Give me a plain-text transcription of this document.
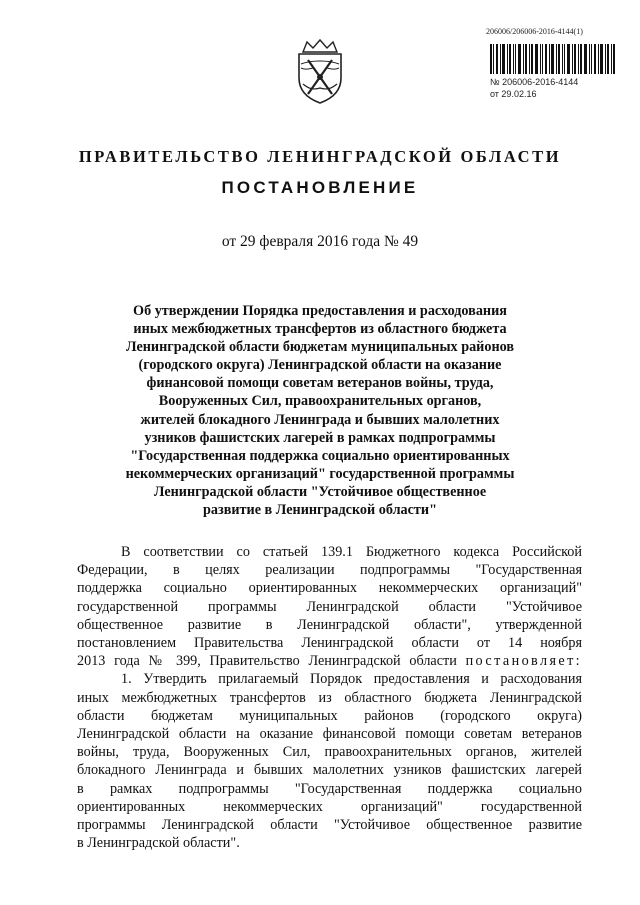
206006/206006-2016-4144(1)
№ 206006-2016-4144
от 29.02.16
ПРАВИТЕЛЬСТВО ЛЕНИНГРАДСКОЙ ОБЛАСТИ
ПОСТАНОВЛЕНИЕ
от 29 февраля 2016 года № 49
Об утверждении Порядка предоставления и расходования
иных межбюджетных трансфертов из областного бюджета
Ленинградской области бюджетам муниципальных районов
(городского округа) Ленинградской области на оказание
финансовой помощи советам ветеранов войны, труда,
Вооруженных Сил, правоохранительных органов,
жителей блокадного Ленинграда и бывших малолетних
узников фашистских лагерей в рамках подпрограммы
"Государственная поддержка социально ориентированных
некоммерческих организаций" государственной программы
Ленинградской области "Устойчивое общественное
развитие в Ленинградской области"
В соответствии со статьей 139.1 Бюджетного кодекса Российской
Федерации, в целях реализации подпрограммы "Государственная
поддержка социально ориентированных некоммерческих организаций"
государственной программы Ленинградской области "Устойчивое
общественное развитие в Ленинградской области", утвержденной
постановлением Правительства Ленинградской области от 14 ноября
2013 года № 399, Правительство Ленинградской области постановляет:
1. Утвердить прилагаемый Порядок предоставления и расходования
иных межбюджетных трансфертов из областного бюджета Ленинградской
области бюджетам муниципальных районов (городского округа)
Ленинградской области на оказание финансовой помощи советам ветеранов
войны, труда, Вооруженных Сил, правоохранительных органов, жителей
блокадного Ленинграда и бывших малолетних узников фашистских лагерей
в рамках подпрограммы "Государственная поддержка социально
ориентированных некоммерческих организаций" государственной
программы Ленинградской области "Устойчивое общественное развитие
в Ленинградской области".
